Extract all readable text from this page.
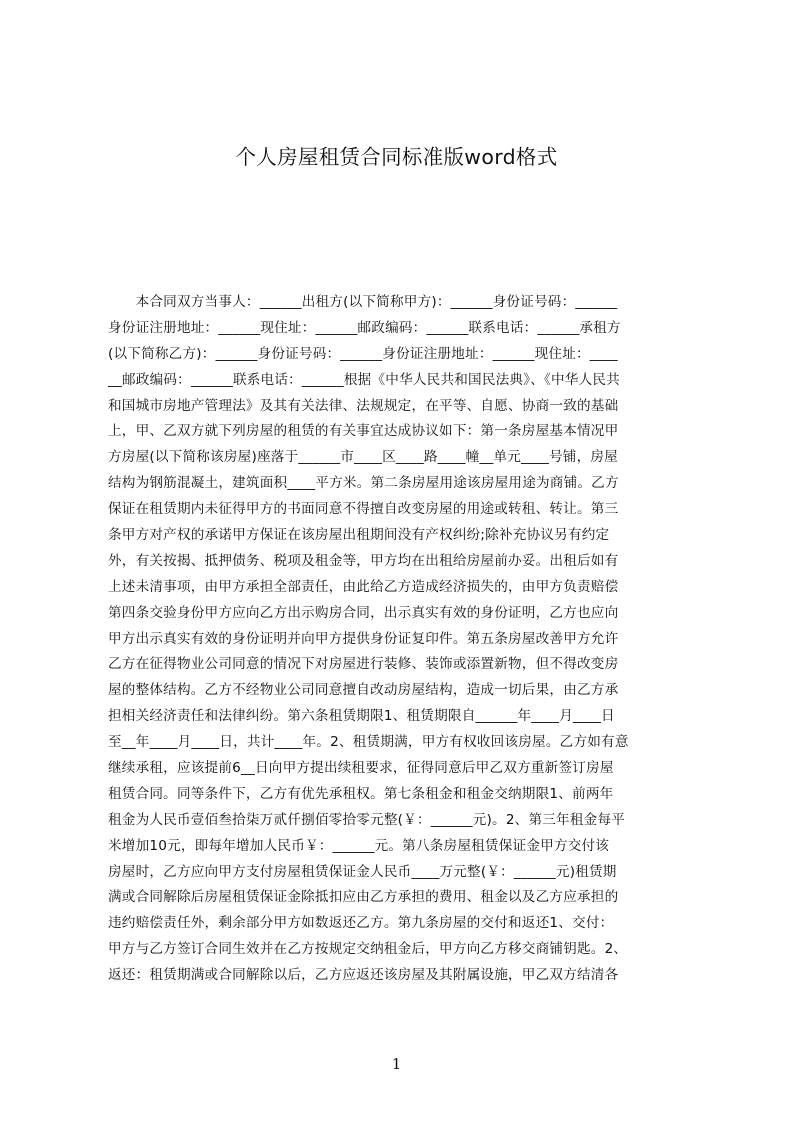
个人房屋租赁合同标准版word格式
　　本合同双方当事人：______出租方(以下简称甲方)：______身份证号码：______
身份证注册地址：______现住址：______邮政编码：______联系电话：______承租方
(以下简称乙方)：______身份证号码：______身份证注册地址：______现住址：____
__邮政编码：______联系电话：______根据《中华人民共和国民法典》、《中华人民共
和国城市房地产管理法》及其有关法律、法规规定，在平等、自愿、协商一致的基础
上，甲、乙双方就下列房屋的租赁的有关事宜达成协议如下：第一条房屋基本情况甲
方房屋(以下简称该房屋)座落于______市____区____路____幢__单元____号铺，房屋
结构为钢筋混凝土，建筑面积____平方米。第二条房屋用途该房屋用途为商铺。乙方
保证在租赁期内未征得甲方的书面同意不得擅自改变房屋的用途或转租、转让。第三
条甲方对产权的承诺甲方保证在该房屋出租期间没有产权纠纷;除补充协议另有约定
外，有关按揭、抵押债务、税项及租金等，甲方均在出租给房屋前办妥。出租后如有
上述未清事项，由甲方承担全部责任，由此给乙方造成经济损失的，由甲方负责赔偿
第四条交验身份甲方应向乙方出示购房合同，出示真实有效的身份证明，乙方也应向
甲方出示真实有效的身份证明并向甲方提供身份证复印件。第五条房屋改善甲方允许
乙方在征得物业公司同意的情况下对房屋进行装修、装饰或添置新物，但不得改变房
屋的整体结构。乙方不经物业公司同意擅自改动房屋结构，造成一切后果，由乙方承
担相关经济责任和法律纠纷。第六条租赁期限1、租赁期限自______年____月____日
至__年____月____日，共计____年。2、租赁期满，甲方有权收回该房屋。乙方如有意
继续承租，应该提前6__日向甲方提出续租要求，征得同意后甲乙双方重新签订房屋
租赁合同。同等条件下，乙方有优先承租权。第七条租金和租金交纳期限1、前两年
租金为人民币壹佰叁拾柒万贰仟捌佰零拾零元整(￥：______元)。2、第三年租金每平
米增加10元，即每年增加人民币￥：______元。第八条房屋租赁保证金甲方交付该
房屋时，乙方应向甲方支付房屋租赁保证金人民币____万元整(￥：______元)租赁期
满或合同解除后房屋租赁保证金除抵扣应由乙方承担的费用、租金以及乙方应承担的
违约赔偿责任外，剩余部分甲方如数返还乙方。第九条房屋的交付和返还1、交付：
甲方与乙方签订合同生效并在乙方按规定交纳租金后，甲方向乙方移交商铺钥匙。2、
返还：租赁期满或合同解除以后，乙方应返还该房屋及其附属设施，甲乙双方结清各
1
